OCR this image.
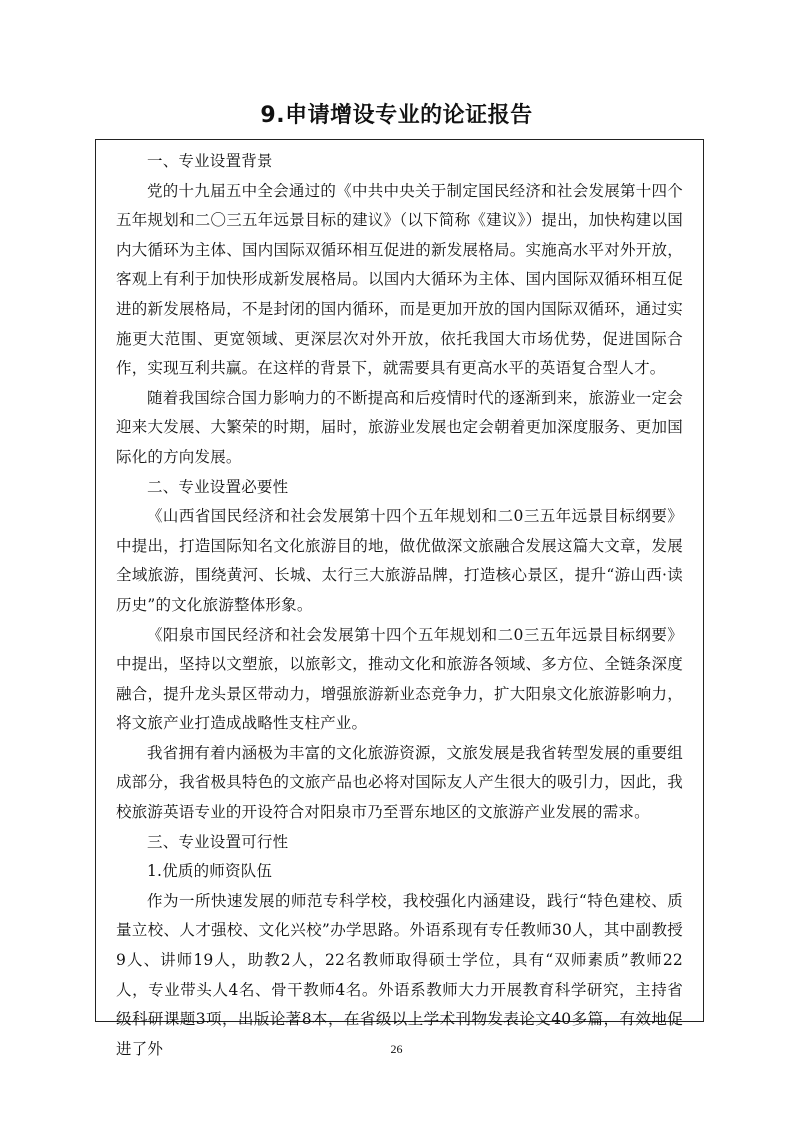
9.申请增设专业的论证报告

一、专业设置背景

党的十九届五中全会通过的《中共中央关于制定国民经济和社会发展第十四个五年规划和二〇三五年远景目标的建议》（以下简称《建议》）提出，加快构建以国内大循环为主体、国内国际双循环相互促进的新发展格局。实施高水平对外开放，客观上有利于加快形成新发展格局。以国内大循环为主体、国内国际双循环相互促进的新发展格局，不是封闭的国内循环，而是更加开放的国内国际双循环，通过实施更大范围、更宽领域、更深层次对外开放，依托我国大市场优势，促进国际合作，实现互利共赢。在这样的背景下，就需要具有更高水平的英语复合型人才。

随着我国综合国力影响力的不断提高和后疫情时代的逐渐到来，旅游业一定会迎来大发展、大繁荣的时期，届时，旅游业发展也定会朝着更加深度服务、更加国际化的方向发展。

二、专业设置必要性

《山西省国民经济和社会发展第十四个五年规划和二0三五年远景目标纲要》中提出，打造国际知名文化旅游目的地，做优做深文旅融合发展这篇大文章，发展全域旅游，围绕黄河、长城、太行三大旅游品牌，打造核心景区，提升“游山西·读历史”的文化旅游整体形象。

《阳泉市国民经济和社会发展第十四个五年规划和二0三五年远景目标纲要》中提出，坚持以文塑旅，以旅彰文，推动文化和旅游各领域、多方位、全链条深度融合，提升龙头景区带动力，增强旅游新业态竞争力，扩大阳泉文化旅游影响力，将文旅产业打造成战略性支柱产业。

我省拥有着内涵极为丰富的文化旅游资源，文旅发展是我省转型发展的重要组成部分，我省极具特色的文旅产品也必将对国际友人产生很大的吸引力，因此，我校旅游英语专业的开设符合对阳泉市乃至晋东地区的文旅游产业发展的需求。

三、专业设置可行性

1.优质的师资队伍

作为一所快速发展的师范专科学校，我校强化内涵建设，践行“特色建校、质量立校、人才强校、文化兴校”办学思路。外语系现有专任教师30人，其中副教授9人、讲师19人，助教2人，22名教师取得硕士学位，具有“双师素质”教师22人，专业带头人4名、骨干教师4名。外语系教师大力开展教育科学研究，主持省级科研课题3项，出版论著8本，在省级以上学术刊物发表论文40多篇，有效地促进了外	26
